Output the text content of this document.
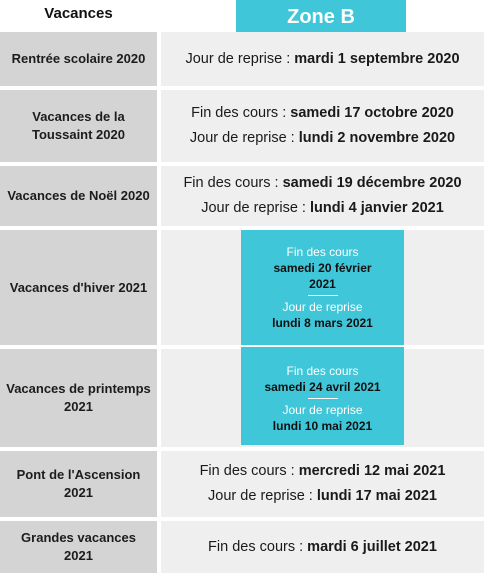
Vacances	Zone B
Rentrée scolaire 2020	Jour de reprise : mardi 1 septembre 2020
Vacances de la Toussaint 2020
Fin des cours : samedi 17 octobre 2020
Jour de reprise : lundi 2 novembre 2020
Vacances de Noël 2020
Fin des cours : samedi 19 décembre 2020
Jour de reprise : lundi 4 janvier 2021
Vacances d'hiver 2021
Fin des cours
samedi 20 février
2021
Jour de reprise
lundi 8 mars 2021
Vacances de printemps 2021
Fin des cours
samedi 24 avril 2021
Jour de reprise
lundi 10 mai 2021
Pont de l'Ascension 2021
Fin des cours : mercredi 12 mai 2021
Jour de reprise : lundi 17 mai 2021
Grandes vacances 2021
Fin des cours : mardi 6 juillet 2021
